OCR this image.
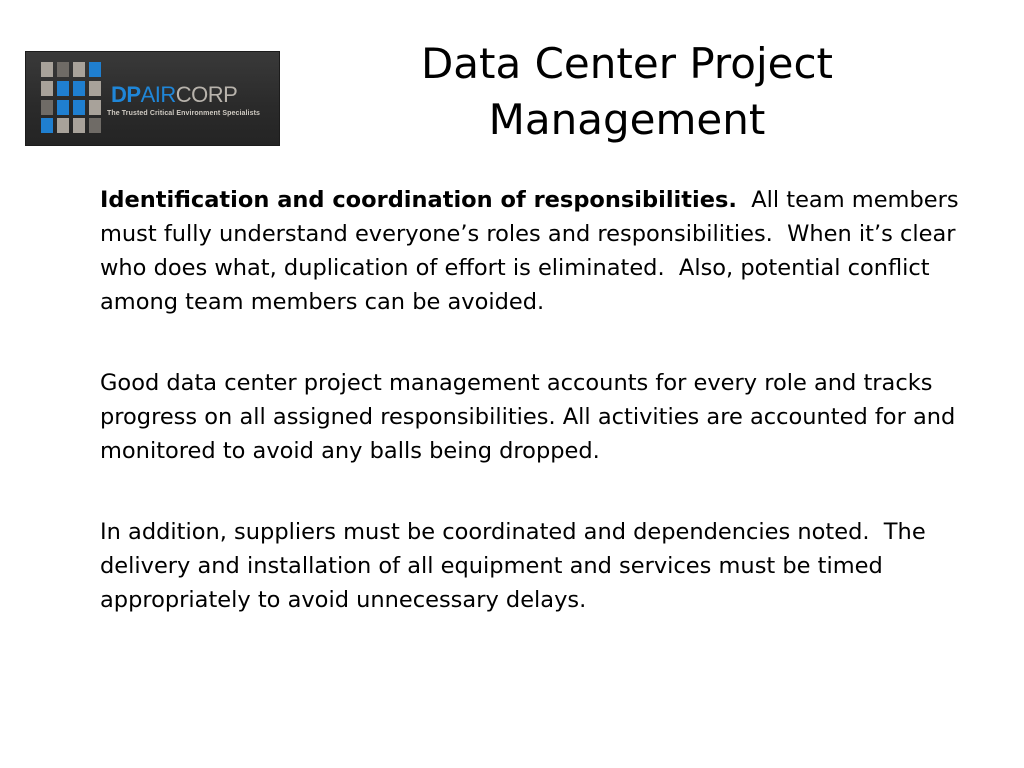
DPAIRCORP
The Trusted Critical Environment Specialists
Data Center Project
Management

Identification and coordination of responsibilities.  All team members must fully understand everyone’s roles and responsibilities.  When it’s clear who does what, duplication of effort is eliminated.  Also, potential conflict among team members can be avoided.

Good data center project management accounts for every role and tracks progress on all assigned responsibilities. All activities are accounted for and monitored to avoid any balls being dropped.

In addition, suppliers must be coordinated and dependencies noted.  The delivery and installation of all equipment and services must be timed appropriately to avoid unnecessary delays.
